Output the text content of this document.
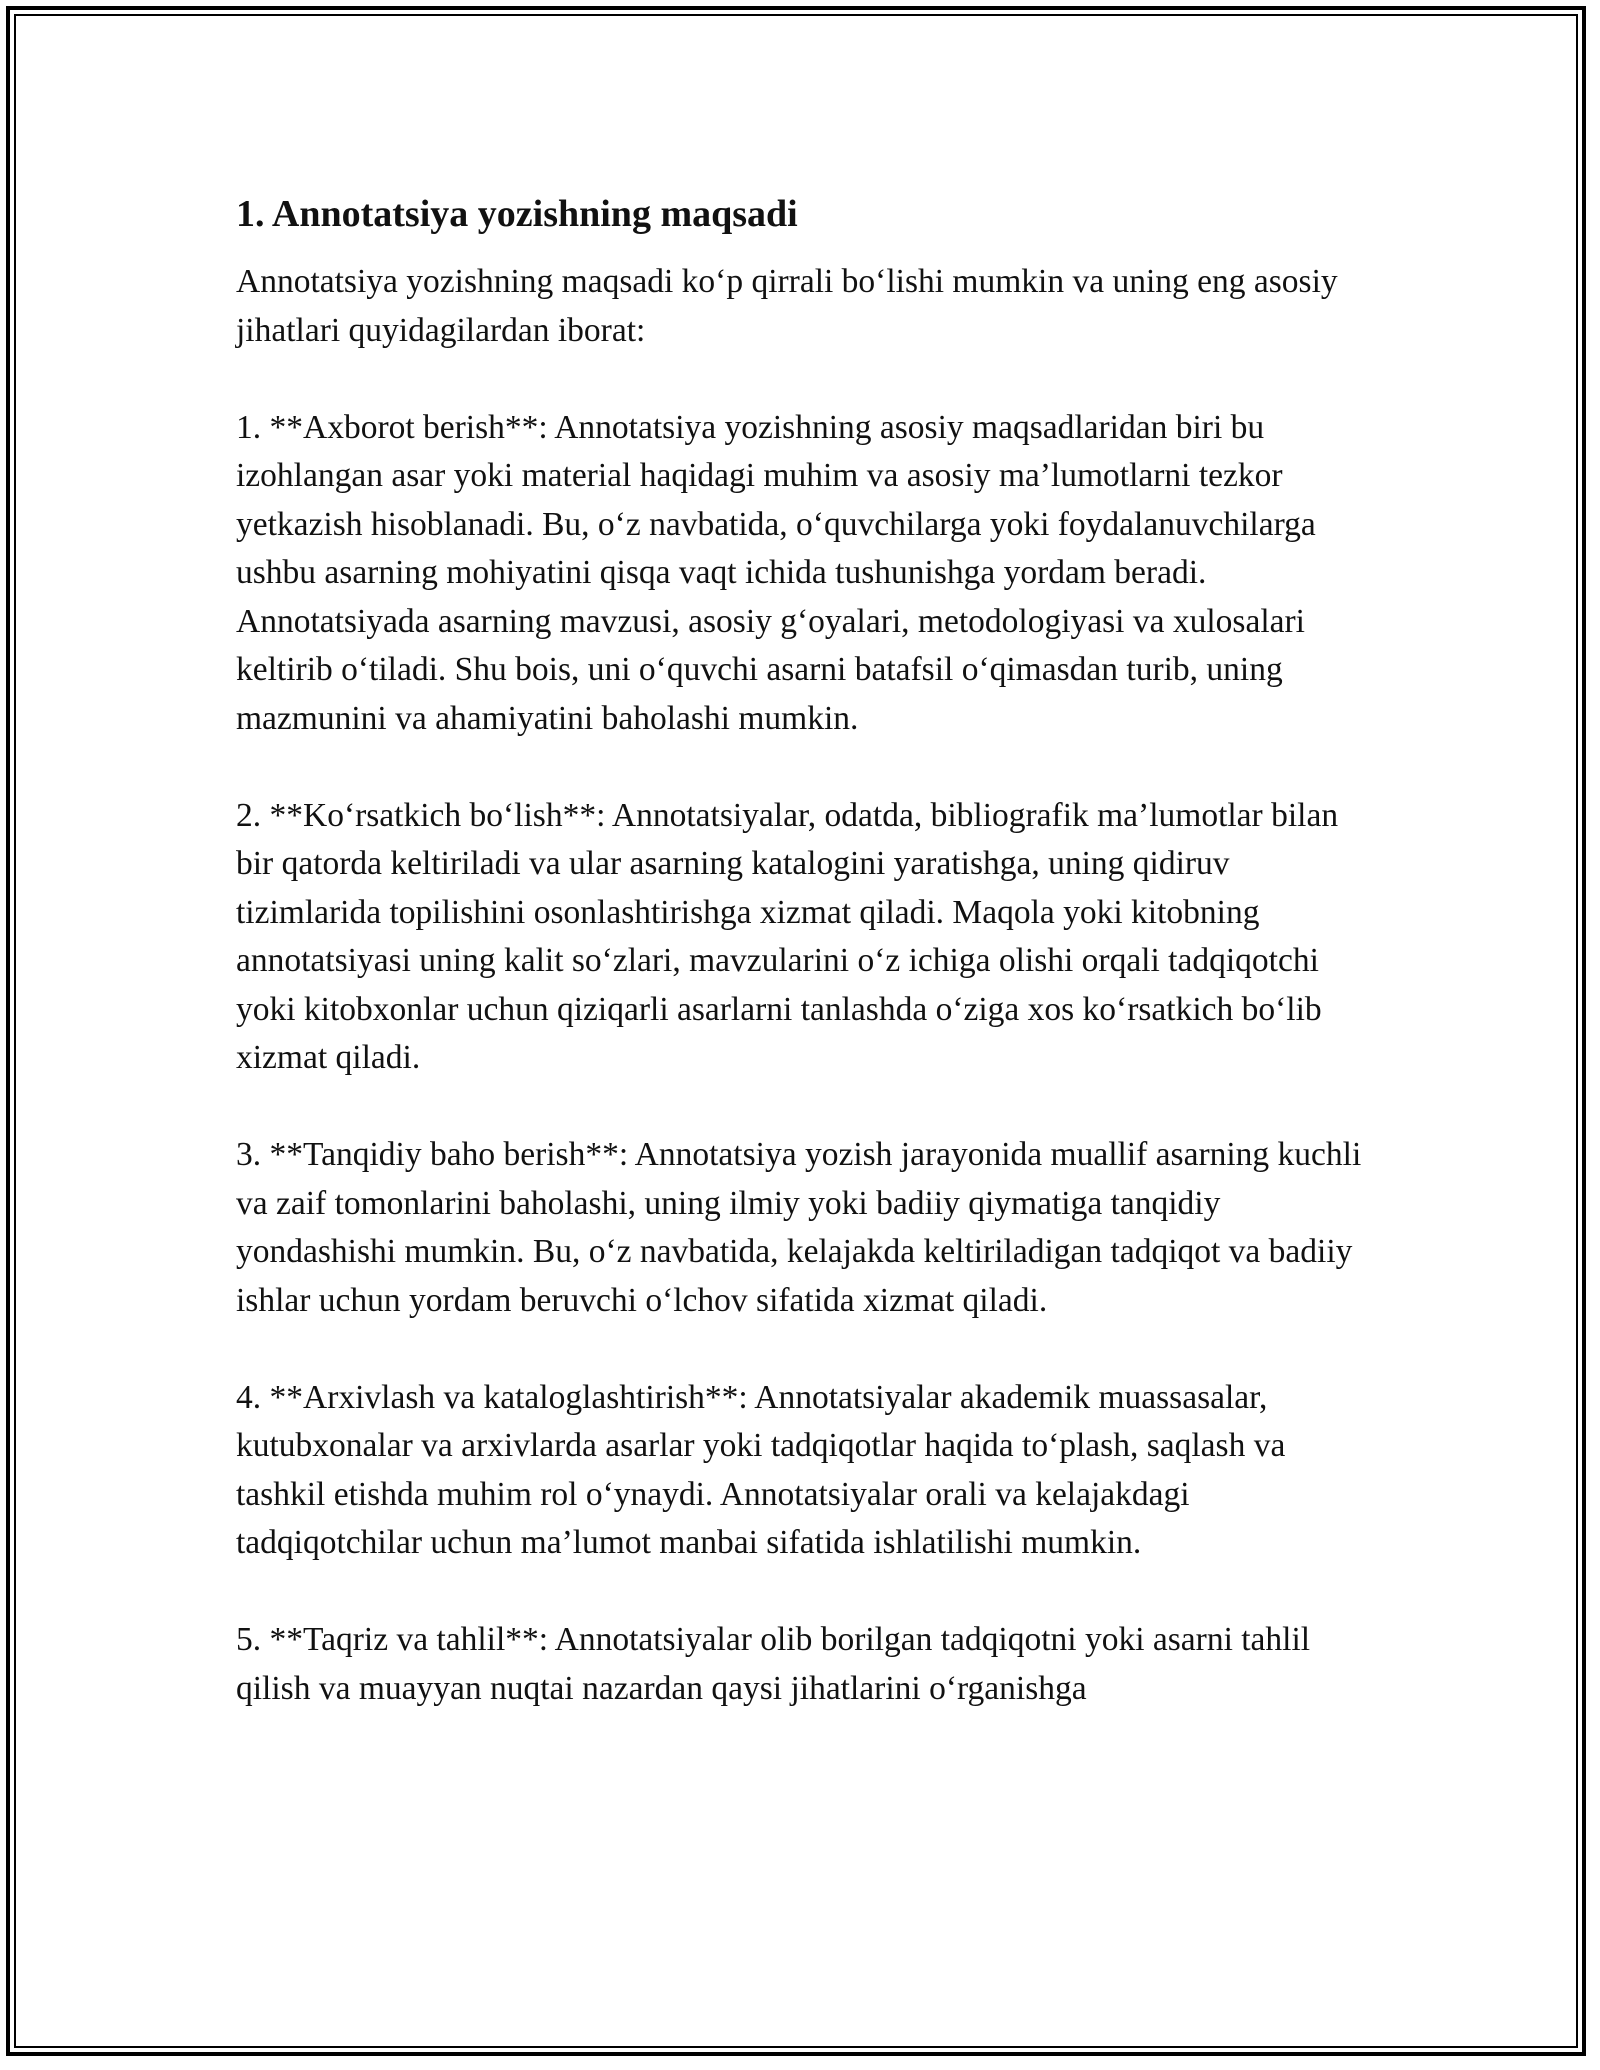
1. Annotatsiya yozishning maqsadi

Annotatsiya yozishning maqsadi ko‘p qirrali bo‘lishi mumkin va uning eng asosiy jihatlari quyidagilardan iborat:

1. **Axborot berish**: Annotatsiya yozishning asosiy maqsadlaridan biri bu izohlangan asar yoki material haqidagi muhim va asosiy ma’lumotlarni tezkor yetkazish hisoblanadi. Bu, o‘z navbatida, o‘quvchilarga yoki foydalanuvchilarga ushbu asarning mohiyatini qisqa vaqt ichida tushunishga yordam beradi. Annotatsiyada asarning mavzusi, asosiy g‘oyalari, metodologiyasi va xulosalari keltirib o‘tiladi. Shu bois, uni o‘quvchi asarni batafsil o‘qimasdan turib, uning mazmunini va ahamiyatini baholashi mumkin.

2. **Ko‘rsatkich bo‘lish**: Annotatsiyalar, odatda, bibliografik ma’lumotlar bilan bir qatorda keltiriladi va ular asarning katalogini yaratishga, uning qidiruv tizimlarida topilishini osonlashtirishga xizmat qiladi. Maqola yoki kitobning annotatsiyasi uning kalit so‘zlari, mavzularini o‘z ichiga olishi orqali tadqiqotchi yoki kitobxonlar uchun qiziqarli asarlarni tanlashda o‘ziga xos ko‘rsatkich bo‘lib xizmat qiladi.

3. **Tanqidiy baho berish**: Annotatsiya yozish jarayonida muallif asarning kuchli va zaif tomonlarini baholashi, uning ilmiy yoki badiiy qiymatiga tanqidiy yondashishi mumkin. Bu, o‘z navbatida, kelajakda keltiriladigan tadqiqot va badiiy ishlar uchun yordam beruvchi o‘lchov sifatida xizmat qiladi.

4. **Arxivlash va kataloglashtirish**: Annotatsiyalar akademik muassasalar, kutubxonalar va arxivlarda asarlar yoki tadqiqotlar haqida to‘plash, saqlash va tashkil etishda muhim rol o‘ynaydi. Annotatsiyalar orali va kelajakdagi tadqiqotchilar uchun ma’lumot manbai sifatida ishlatilishi mumkin.

5. **Taqriz va tahlil**: Annotatsiyalar olib borilgan tadqiqotni yoki asarni tahlil qilish va muayyan nuqtai nazardan qaysi jihatlarini o‘rganishga
